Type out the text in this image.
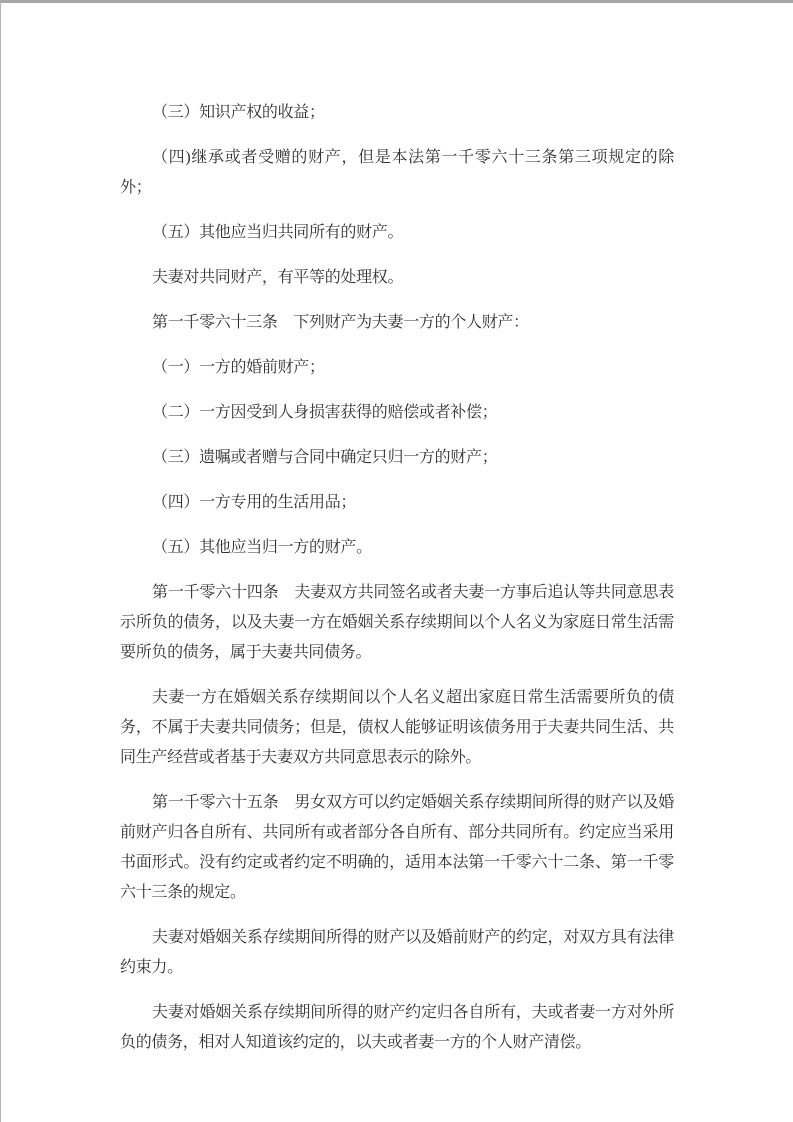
（三）知识产权的收益；

（四)继承或者受赠的财产，但是本法第一千零六十三条第三项规定的除外；

（五）其他应当归共同所有的财产。

夫妻对共同财产，有平等的处理权。

第一千零六十三条　下列财产为夫妻一方的个人财产：

（一）一方的婚前财产；

（二）一方因受到人身损害获得的赔偿或者补偿；

（三）遗嘱或者赠与合同中确定只归一方的财产；

（四）一方专用的生活用品；

（五）其他应当归一方的财产。

第一千零六十四条　夫妻双方共同签名或者夫妻一方事后追认等共同意思表示所负的债务，以及夫妻一方在婚姻关系存续期间以个人名义为家庭日常生活需要所负的债务，属于夫妻共同债务。

夫妻一方在婚姻关系存续期间以个人名义超出家庭日常生活需要所负的债务，不属于夫妻共同债务；但是，债权人能够证明该债务用于夫妻共同生活、共同生产经营或者基于夫妻双方共同意思表示的除外。

第一千零六十五条　男女双方可以约定婚姻关系存续期间所得的财产以及婚前财产归各自所有、共同所有或者部分各自所有、部分共同所有。约定应当采用书面形式。没有约定或者约定不明确的，适用本法第一千零六十二条、第一千零六十三条的规定。

夫妻对婚姻关系存续期间所得的财产以及婚前财产的约定，对双方具有法律约束力。

夫妻对婚姻关系存续期间所得的财产约定归各自所有，夫或者妻一方对外所负的债务，相对人知道该约定的，以夫或者妻一方的个人财产清偿。
